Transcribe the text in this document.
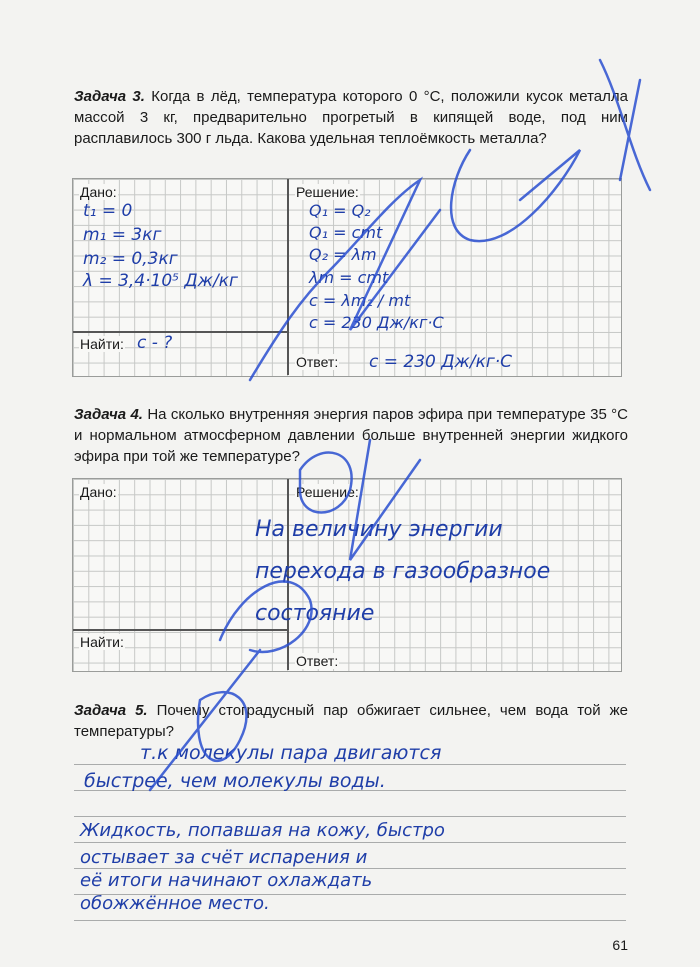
Задача 3. Когда в лёд, температура которого 0 °С, положили кусок металла массой 3 кг, предварительно прогретый в кипящей воде, под ним расплавилось 300 г льда. Какова удельная теплоёмкость металла?
Дано:	Решение:
Найти:
Ответ:
t₁ = 0
m₁ = 3кг
m₂ = 0,3кг
λ = 3,4·10⁵ Дж/кг
c - ?
Q₁ = Q₂
Q₁ = cmt
Q₂ = λm
λm = cmt
c = λm₂ / mt
c = 230 Дж/кг·С
c = 230 Дж/кг·С
Задача 4. На сколько внутренняя энергия паров эфира при температуре 35 °С и нормальном атмосферном давлении больше внутренней энергии жидкого эфира при той же температуре?
Дано:	Решение:
Найти:
Ответ:
На величину энергии
перехода в газообразное
состояние
Задача 5. Почему стоградусный пар обжигает сильнее, чем вода той же температуры?
т.к молекулы пара двигаются
быстрее, чем молекулы воды.
Жидкость, попавшая на кожу, быстро
остывает за счёт испарения и
её итоги начинают охлаждать
обожжённое место.
61
